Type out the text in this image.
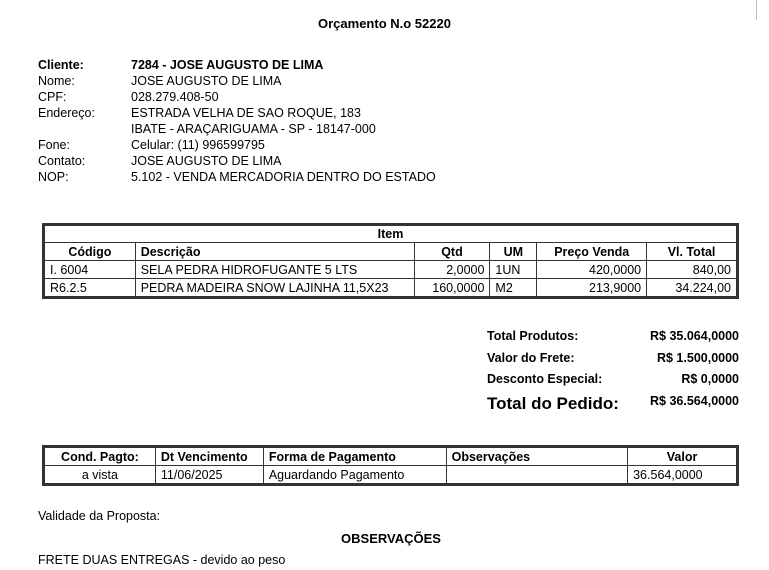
Orçamento N.o 52220
Cliente:	7284 - JOSE AUGUSTO DE LIMA
Nome:	JOSE AUGUSTO DE LIMA
CPF:	028.279.408-50
Endereço:	ESTRADA VELHA DE SAO ROQUE, 183
IBATE - ARAÇARIGUAMA - SP - 18147-000
Fone:	Celular: (11) 996599795
Contato:	JOSE AUGUSTO DE LIMA
NOP:	5.102 - VENDA MERCADORIA DENTRO DO ESTADO
Item					
Código	Descrição	Qtd	UM	Preço Venda	Vl. Total
I. 6004	SELA PEDRA HIDROFUGANTE 5 LTS	2,0000	1UN	420,0000	840,00
R6.2.5	PEDRA MADEIRA SNOW LAJINHA 11,5X23	160,0000	M2	213,9000	34.224,00
Total Produtos:	R$ 35.064,0000
Valor do Frete:	R$ 1.500,0000
Desconto Especial:	R$ 0,0000
Total do Pedido: R$ 36.564,0000
Cond. Pagto:	Dt Vencimento	Forma de Pagamento	Observações	Valor
a vista	11/06/2025	Aguardando Pagamento		36.564,0000
Validade da Proposta:
OBSERVAÇÕES
FRETE DUAS ENTREGAS - devido ao peso
